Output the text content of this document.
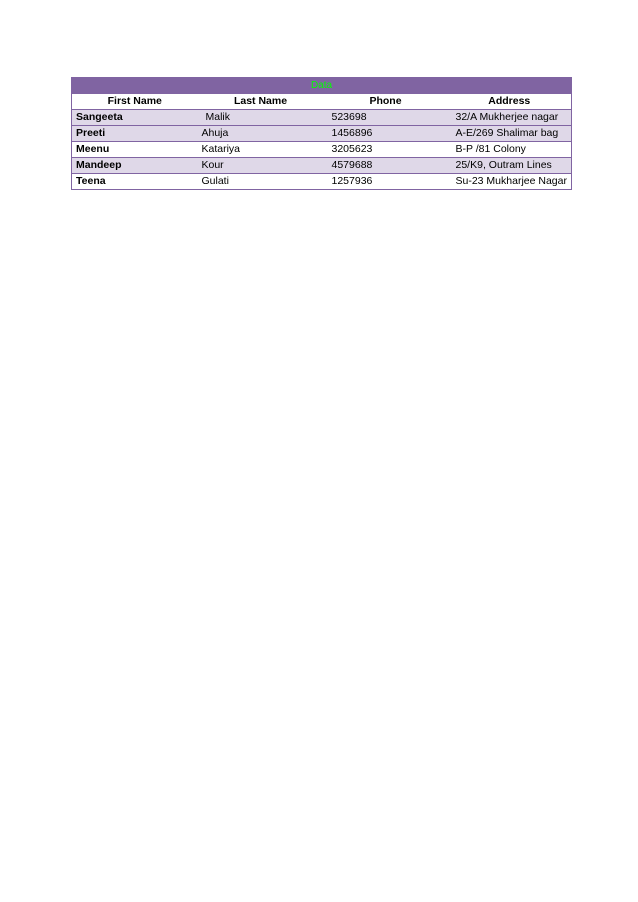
Data			
First Name	Last Name	Phone	Address
Sangeeta	Malik	523698	32/A Mukherjee nagar
Preeti	Ahuja	1456896	A-E/269 Shalimar bag
Meenu	Katariya	3205623	B-P /81 Colony
Mandeep	Kour	4579688	25/K9, Outram Lines
Teena	Gulati	1257936	Su-23 Mukharjee Nagar
